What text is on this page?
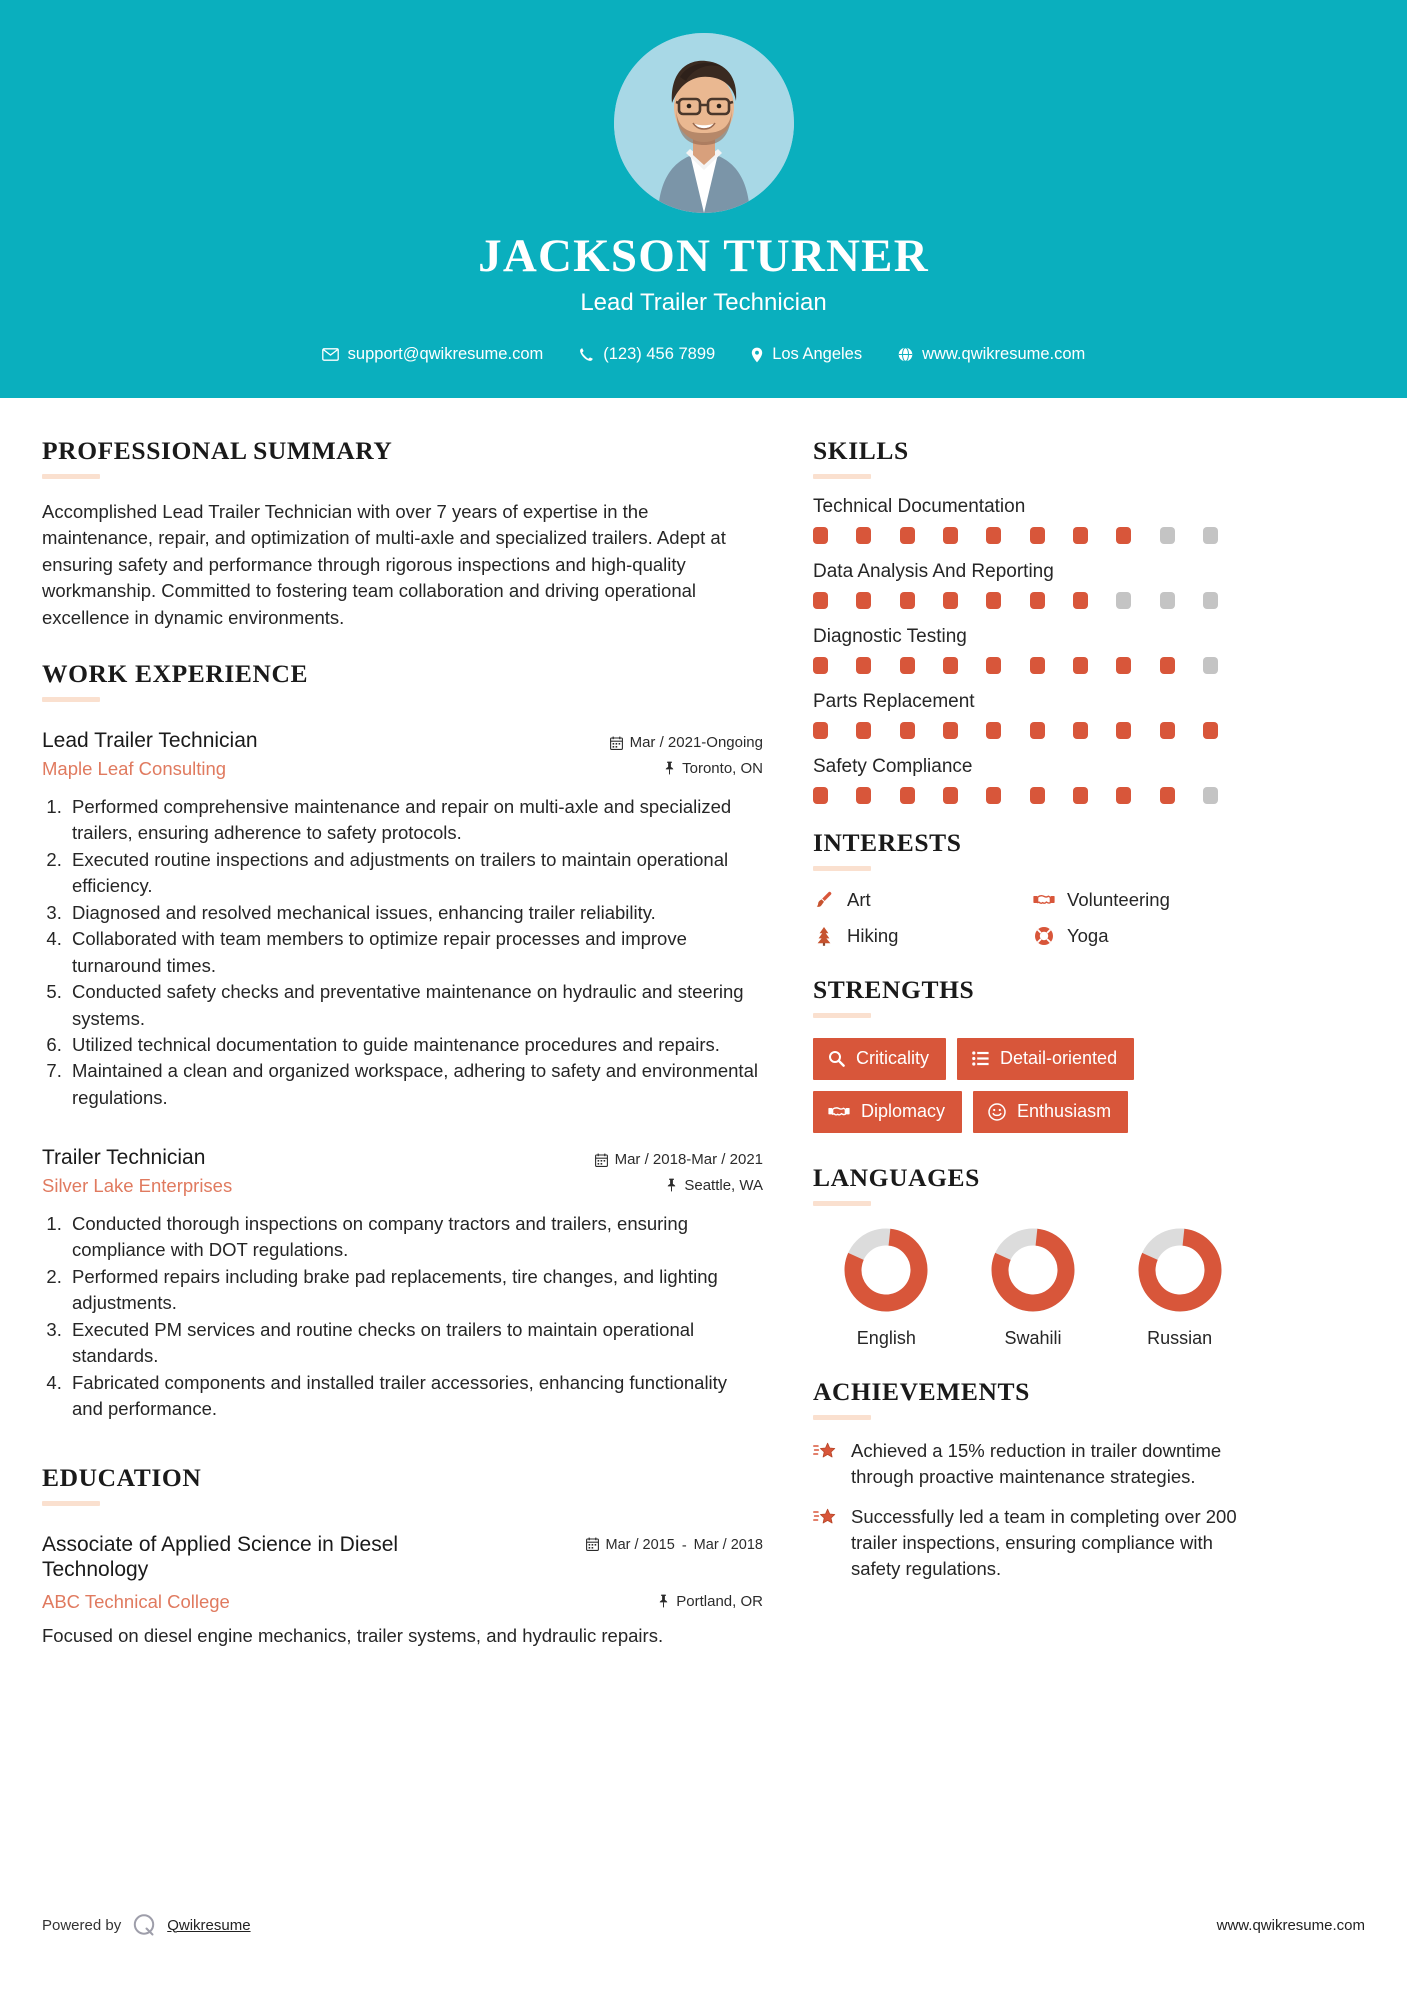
JACKSON TURNER
Lead Trailer Technician
support@qwikresume.com	(123) 456 7899	Los Angeles	www.qwikresume.com
PROFESSIONAL SUMMARY
Accomplished Lead Trailer Technician with over 7 years of expertise in the maintenance, repair, and optimization of multi-axle and specialized trailers. Adept at ensuring safety and performance through rigorous inspections and high-quality workmanship. Committed to fostering team collaboration and driving operational excellence in dynamic environments.
WORK EXPERIENCE
Lead Trailer Technician	Mar / 2021-Ongoing
Maple Leaf Consulting	Toronto, ON
1. Performed comprehensive maintenance and repair on multi-axle and specialized trailers, ensuring adherence to safety protocols.
2. Executed routine inspections and adjustments on trailers to maintain operational efficiency.
3. Diagnosed and resolved mechanical issues, enhancing trailer reliability.
4. Collaborated with team members to optimize repair processes and improve turnaround times.
5. Conducted safety checks and preventative maintenance on hydraulic and steering systems.
6. Utilized technical documentation to guide maintenance procedures and repairs.
7. Maintained a clean and organized workspace, adhering to safety and environmental regulations.
Trailer Technician	Mar / 2018-Mar / 2021
Silver Lake Enterprises	Seattle, WA
1. Conducted thorough inspections on company tractors and trailers, ensuring compliance with DOT regulations.
2. Performed repairs including brake pad replacements, tire changes, and lighting adjustments.
3. Executed PM services and routine checks on trailers to maintain operational standards.
4. Fabricated components and installed trailer accessories, enhancing functionality and performance.
EDUCATION
Associate of Applied Science in Diesel Technology
Mar / 2015 - Mar / 2018
ABC Technical College	Portland, OR
Focused on diesel engine mechanics, trailer systems, and hydraulic repairs.
SKILLS
Technical Documentation
Data Analysis And Reporting
Diagnostic Testing
Parts Replacement
Safety Compliance
INTERESTS
Art	Volunteering
Hiking	Yoga
STRENGTHS
Criticality	Detail-oriented
Diplomacy	Enthusiasm
LANGUAGES
English	Swahili	Russian
ACHIEVEMENTS
Achieved a 15% reduction in trailer downtime through proactive maintenance strategies.
Successfully led a team in completing over 200 trailer inspections, ensuring compliance with safety regulations.
Powered by	Qwikresume	www.qwikresume.com
